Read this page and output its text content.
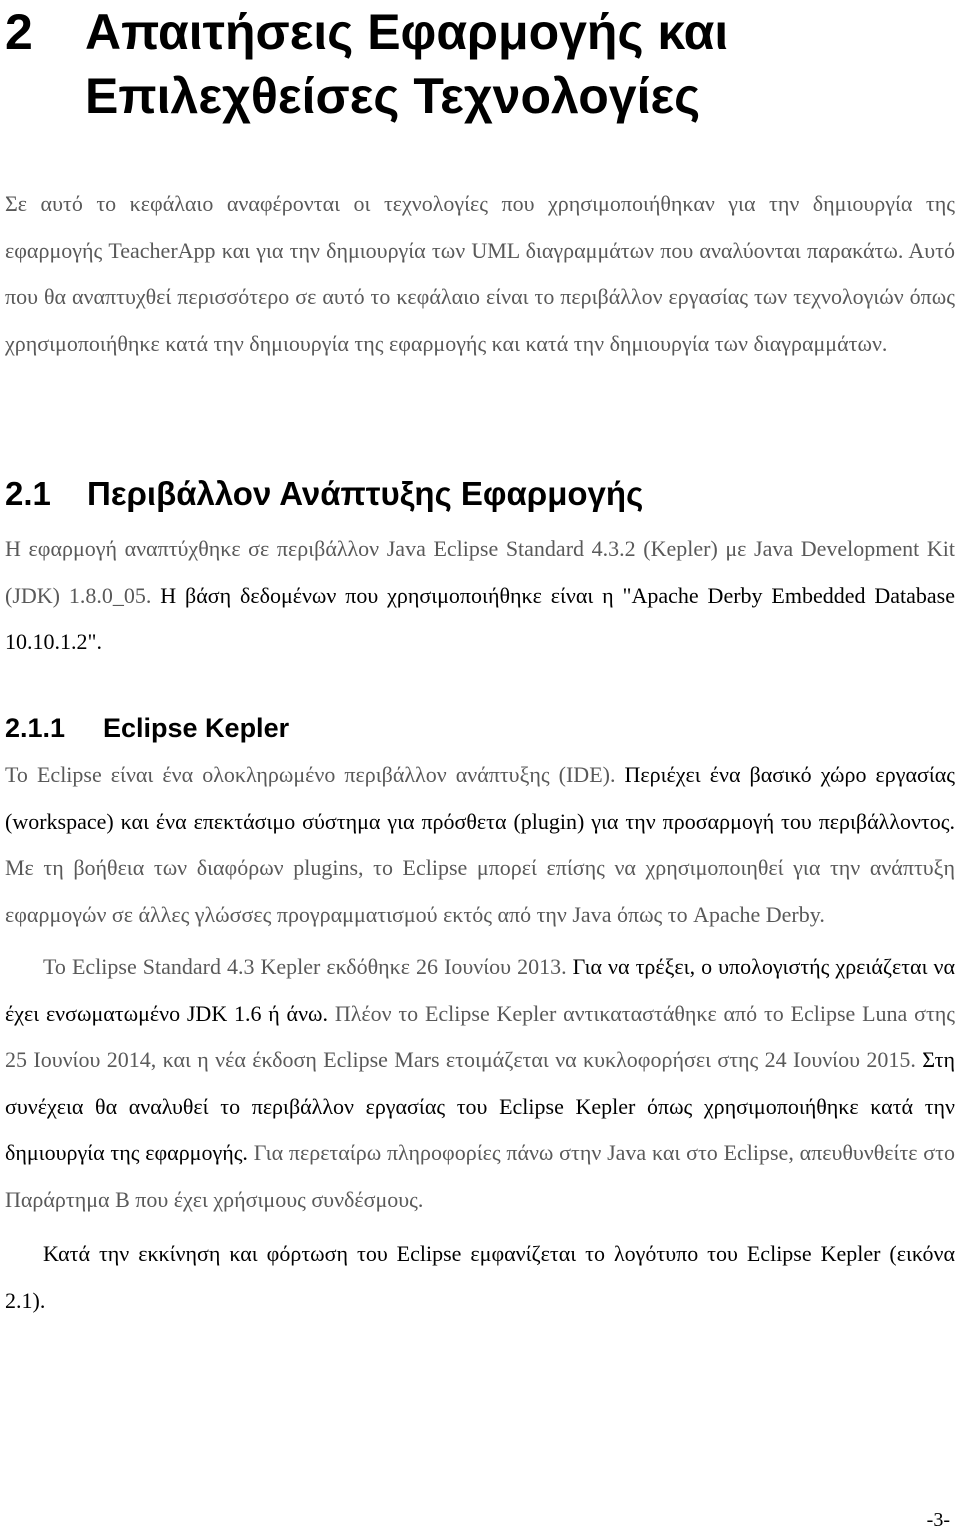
2 Απαιτήσεις Εφαρμογής και
Επιλεχθείσες Τεχνολογίες

Σε αυτό το κεφάλαιο αναφέρονται οι τεχνολογίες που χρησιμοποιήθηκαν για την δημιουργία της εφαρμογής TeacherApp και για την δημιουργία των UML διαγραμμάτων που αναλύονται παρακάτω. Αυτό που θα αναπτυχθεί περισσότερο σε αυτό το κεφάλαιο είναι το περιβάλλον εργασίας των τεχνολογιών όπως χρησιμοποιήθηκε κατά την δημιουργία της εφαρμογής και κατά την δημιουργία των διαγραμμάτων.

2.1 Περιβάλλον Ανάπτυξης Εφαρμογής

Η εφαρμογή αναπτύχθηκε σε περιβάλλον Java Eclipse Standard 4.3.2 (Kepler) με Java Development Kit (JDK) 1.8.0_05. Η βάση δεδομένων που χρησιμοποιήθηκε είναι η "Apache Derby Embedded Database 10.10.1.2".

2.1.1 Eclipse Kepler

Το Eclipse είναι ένα ολοκληρωμένο περιβάλλον ανάπτυξης (IDE). Περιέχει ένα βασικό χώρο εργασίας (workspace) και ένα επεκτάσιμο σύστημα για πρόσθετα (plugin) για την προσαρμογή του περιβάλλοντος. Με τη βοήθεια των διαφόρων plugins, το Eclipse μπορεί επίσης να χρησιμοποιηθεί για την ανάπτυξη εφαρμογών σε άλλες γλώσσες προγραμματισμού εκτός από την Java όπως το Apache Derby.

Το Eclipse Standard 4.3 Kepler εκδόθηκε 26 Ιουνίου 2013. Για να τρέξει, ο υπολογιστής χρειάζεται να έχει ενσωματωμένο JDK 1.6 ή άνω. Πλέον το Eclipse Kepler αντικαταστάθηκε από το Eclipse Luna στης 25 Ιουνίου 2014, και η νέα έκδοση Eclipse Mars ετοιμάζεται να κυκλοφορήσει στης 24 Ιουνίου 2015. Στη συνέχεια θα αναλυθεί το περιβάλλον εργασίας του Eclipse Kepler όπως χρησιμοποιήθηκε κατά την δημιουργία της εφαρμογής. Για περεταίρω πληροφορίες πάνω στην Java και στο Eclipse, απευθυνθείτε στο Παράρτημα Β που έχει χρήσιμους συνδέσμους.

Κατά την εκκίνηση και φόρτωση του Eclipse εμφανίζεται το λογότυπο του Eclipse Kepler (εικόνα 2.1).

-3-
